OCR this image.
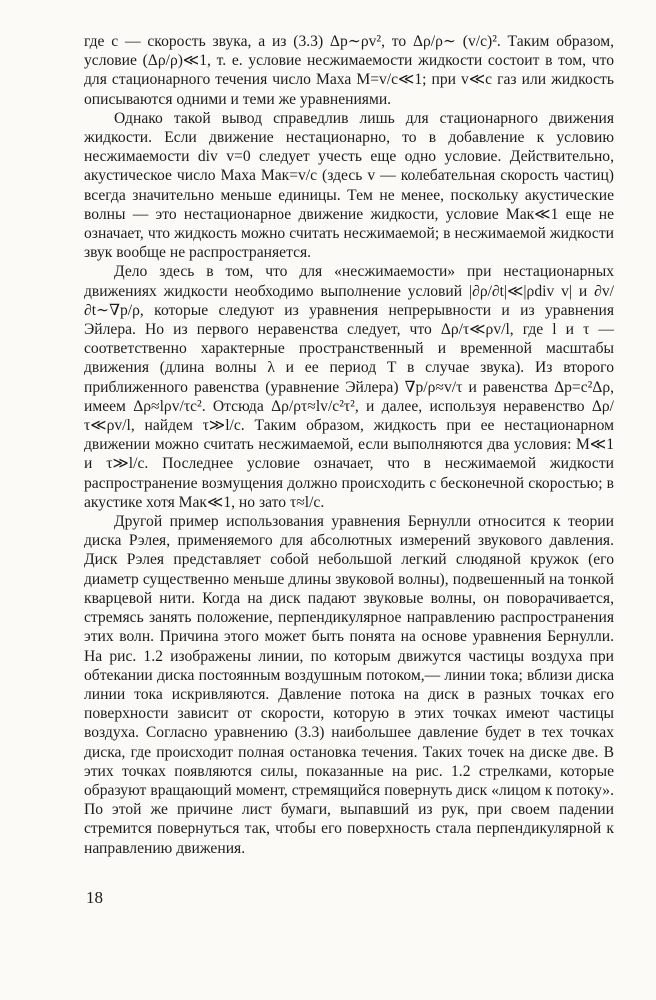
где c — скорость звука, а из (3.3) Δp∼ρv², то Δρ/ρ∼ (v/c)². Таким образом, условие (Δρ/ρ)≪1, т. е. условие несжимаемости жидкости состоит в том, что для стационарного течения число Маха M=v/c≪1; при v≪c газ или жидкость описываются одними и теми же уравнениями.

Однако такой вывод справедлив лишь для стационарного движения жидкости. Если движение нестационарно, то в добавление к условию несжимаемости div v=0 следует учесть еще одно условие. Действительно, акустическое число Маха Mак=v/c (здесь v — колебательная скорость частиц) всегда значительно меньше единицы. Тем не менее, поскольку акустические волны — это нестационарное движение жидкости, условие Mак≪1 еще не означает, что жидкость можно считать несжимаемой; в несжимаемой жидкости звук вообще не распространяется.

Дело здесь в том, что для «несжимаемости» при нестационарных движениях жидкости необходимо выполнение условий |∂ρ/∂t|≪|ρdiv v| и ∂v/∂t∼∇p/ρ, которые следуют из уравнения непрерывности и из уравнения Эйлера. Но из первого неравенства следует, что Δρ/τ≪ρv/l, где l и τ — соответственно характерные пространственный и временной масштабы движения (длина волны λ и ее период T в случае звука). Из второго приближенного равенства (уравнение Эйлера) ∇p/ρ≈v/τ и равенства Δp=c²Δρ, имеем Δρ≈lρv/τc². Отсюда Δρ/ρτ≈lv/c²τ², и далее, используя неравенство Δρ/τ≪ρv/l, найдем τ≫l/c. Таким образом, жидкость при ее нестационарном движении можно считать несжимаемой, если выполняются два условия: M≪1 и τ≫l/c. Последнее условие означает, что в несжимаемой жидкости распространение возмущения должно происходить с бесконечной скоростью; в акустике хотя Mак≪1, но зато τ≈l/c.

Другой пример использования уравнения Бернулли относится к теории диска Рэлея, применяемого для абсолютных измерений звукового давления. Диск Рэлея представляет собой небольшой легкий слюдяной кружок (его диаметр существенно меньше длины звуковой волны), подвешенный на тонкой кварцевой нити. Когда на диск падают звуковые волны, он поворачивается, стремясь занять положение, перпендикулярное направлению распространения этих волн. Причина этого может быть понята на основе уравнения Бернулли. На рис. 1.2 изображены линии, по которым движутся частицы воздуха при обтекании диска постоянным воздушным потоком,— линии тока; вблизи диска линии тока искривляются. Давление потока на диск в разных точках его поверхности зависит от скорости, которую в этих точках имеют частицы воздуха. Согласно уравнению (3.3) наибольшее давление будет в тех точках диска, где происходит полная остановка течения. Таких точек на диске две. В этих точках появляются силы, показанные на рис. 1.2 стрелками, которые образуют вращающий момент, стремящийся повернуть диск «лицом к потоку». По этой же причине лист бумаги, выпавший из рук, при своем падении стремится повернуться так, чтобы его поверхность стала перпендикулярной к направлению движения.

18
